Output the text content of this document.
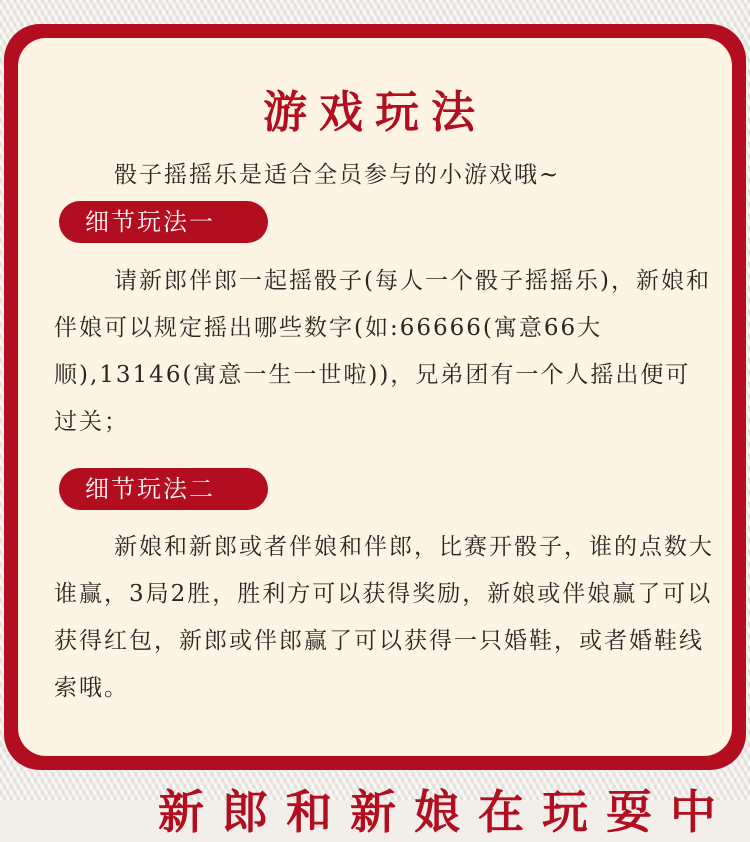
游戏玩法
骰子摇摇乐是适合全员参与的小游戏哦~
细节玩法一
请新郎伴郎一起摇骰子(每人一个骰子摇摇乐)，新娘和伴娘可以规定摇出哪些数字(如:66666(寓意66大顺),13146(寓意一生一世啦))，兄弟团有一个人摇出便可过关；
细节玩法二
新娘和新郎或者伴娘和伴郎，比赛开骰子，谁的点数大谁赢，3局2胜，胜利方可以获得奖励，新娘或伴娘赢了可以获得红包，新郎或伴郎赢了可以获得一只婚鞋，或者婚鞋线索哦。
新郎和新娘在玩耍中
